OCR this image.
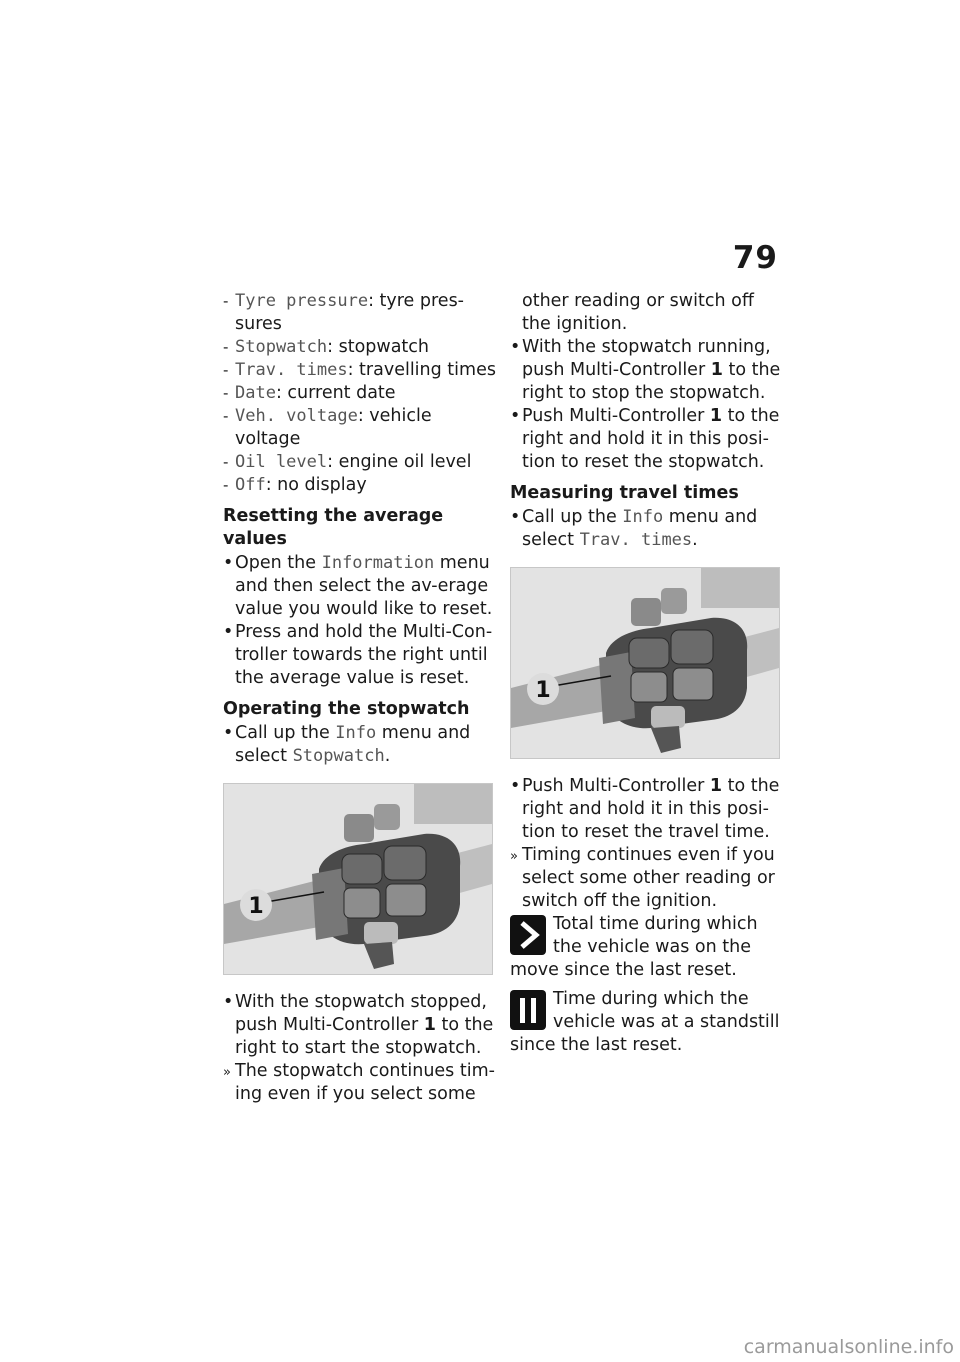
79
- Tyre pressure: tyre pres-sures
- Stopwatch: stopwatch
- Trav. times: travelling times
- Date: current date
- Veh. voltage: vehicle voltage
- Oil level: engine oil level
- Off: no display
Resetting the average values
• Open the Information menu and then select the av-erage value you would like to reset.
• Press and hold the Multi-Con-troller towards the right until the average value is reset.
Operating the stopwatch
• Call up the Info menu and select Stopwatch.
1
• With the stopwatch stopped, push Multi-Controller 1 to the right to start the stopwatch.
» The stopwatch continues tim-ing even if you select some
other reading or switch off the ignition.
• With the stopwatch running, push Multi-Controller 1 to the right to stop the stopwatch.
• Push Multi-Controller 1 to the right and hold it in this posi-tion to reset the stopwatch.
Measuring travel times
• Call up the Info menu and select Trav. times.
1
• Push Multi-Controller 1 to the right and hold it in this posi-tion to reset the travel time.
» Timing continues even if you select some other reading or switch off the ignition.
Total time during which the vehicle was on the
move since the last reset.
Time during which the vehicle was at a standstill
since the last reset.
carmanualsonline.info
